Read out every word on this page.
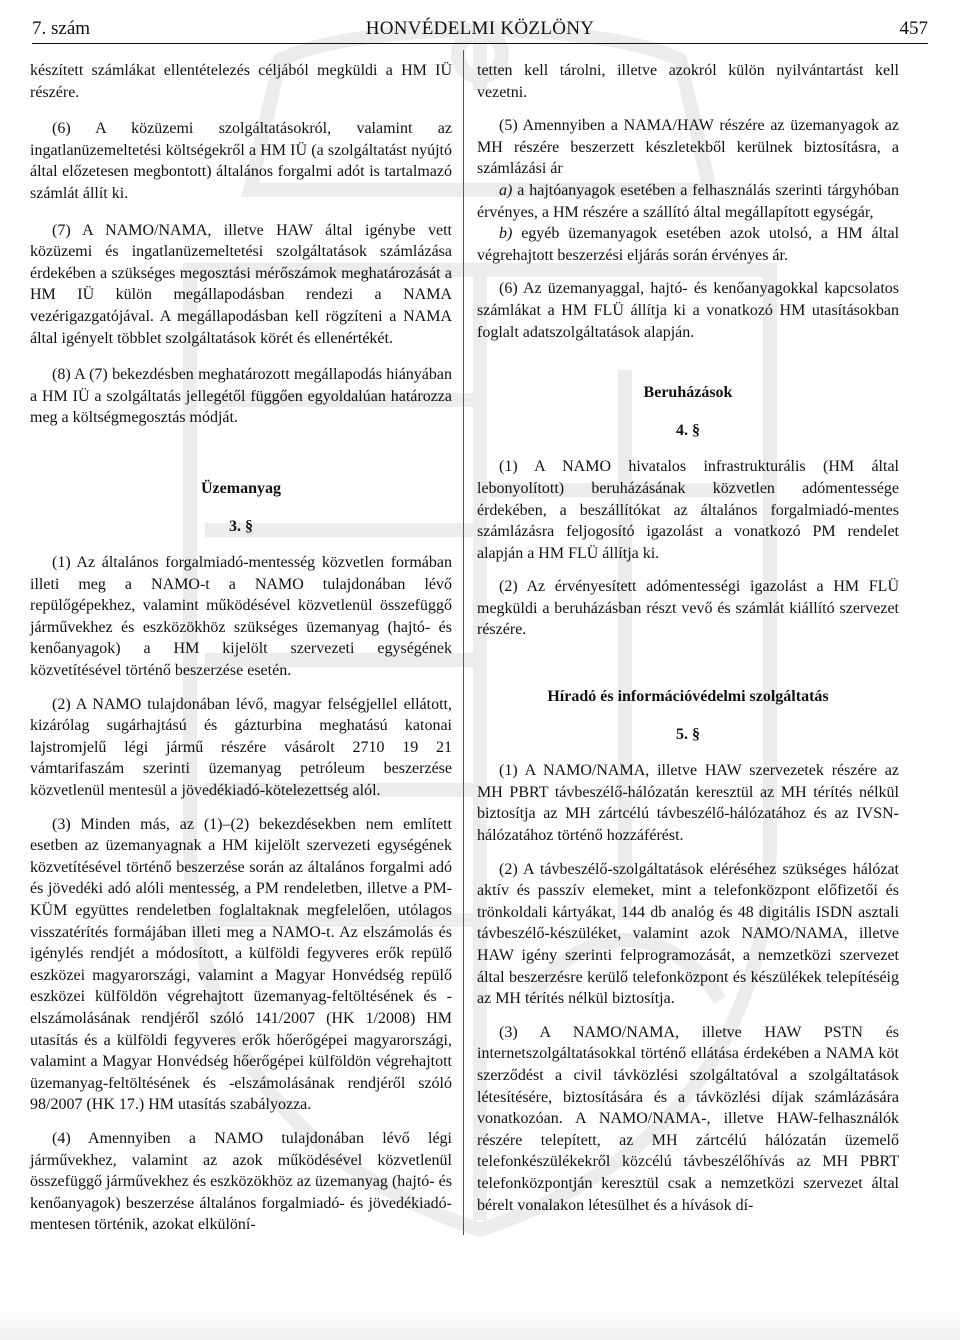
7. szám	HONVÉDELMI KÖZLÖNY	457

készített számlákat ellentételezés céljából megküldi a HM IÜ részére.

(6) A közüzemi szolgáltatásokról, valamint az ingatlanüzemeltetési költségekről a HM IÜ (a szolgáltatást nyújtó által előzetesen megbontott) általános forgalmi adót is tartalmazó számlát állít ki.

(7) A NAMO/NAMA, illetve HAW által igénybe vett közüzemi és ingatlanüzemeltetési szolgáltatások számlázása érdekében a szükséges megosztási mérőszámok meghatározását a HM IÜ külön megállapodásban rendezi a NAMA vezérigazgatójával. A megállapodásban kell rögzíteni a NAMA által igényelt többlet szolgáltatások körét és ellenértékét.

(8) A (7) bekezdésben meghatározott megállapodás hiányában a HM IÜ a szolgáltatás jellegétől függően egyoldalúan határozza meg a költségmegosztás módját.

Üzemanyag

3. §

(1) Az általános forgalmiadó-mentesség közvetlen formában illeti meg a NAMO-t a NAMO tulajdonában lévő repülőgépekhez, valamint működésével közvetlenül összefüggő járművekhez és eszközökhöz szükséges üzemanyag (hajtó- és kenőanyagok) a HM kijelölt szervezeti egységének közvetítésével történő beszerzése esetén.

(2) A NAMO tulajdonában lévő, magyar felségjellel ellátott, kizárólag sugárhajtású és gázturbina meghatású katonai lajstromjelű légi jármű részére vásárolt 2710 19 21 vámtarifaszám szerinti üzemanyag petróleum beszerzése közvetlenül mentesül a jövedékiadó-kötelezettség alól.

(3) Minden más, az (1)–(2) bekezdésekben nem említett esetben az üzemanyagnak a HM kijelölt szervezeti egységének közvetítésével történő beszerzése során az általános forgalmi adó és jövedéki adó alóli mentesség, a PM rendeletben, illetve a PM-KÜM együttes rendeletben foglaltaknak megfelelően, utólagos visszatérítés formájában illeti meg a NAMO-t. Az elszámolás és igénylés rendjét a módosított, a külföldi fegyveres erők repülő eszközei magyarországi, valamint a Magyar Honvédség repülő eszközei külföldön végrehajtott üzemanyag-feltöltésének és -elszámolásának rendjéről szóló 141/2007 (HK 1/2008) HM utasítás és a külföldi fegyveres erők hőerőgépei magyarországi, valamint a Magyar Honvédség hőerőgépei külföldön végrehajtott üzemanyag-feltöltésének és -elszámolásának rendjéről szóló 98/2007 (HK 17.) HM utasítás szabályozza.

(4) Amennyiben a NAMO tulajdonában lévő légi járművekhez, valamint az azok működésével közvetlenül összefüggő járművekhez és eszközökhöz az üzemanyag (hajtó- és kenőanyagok) beszerzése általános forgalmiadó- és jövedékiadó-mentesen történik, azokat elkülöní-

tetten kell tárolni, illetve azokról külön nyilvántartást kell vezetni.

(5) Amennyiben a NAMA/HAW részére az üzemanyagok az MH részére beszerzett készletekből kerülnek biztosításra, a számlázási ár

a) a hajtóanyagok esetében a felhasználás szerinti tárgyhóban érvényes, a HM részére a szállító által megállapított egységár,

b) egyéb üzemanyagok esetében azok utolsó, a HM által végrehajtott beszerzési eljárás során érvényes ár.

(6) Az üzemanyaggal, hajtó- és kenőanyagokkal kapcsolatos számlákat a HM FLÜ állítja ki a vonatkozó HM utasításokban foglalt adatszolgáltatások alapján.

Beruházások

4. §

(1) A NAMO hivatalos infrastrukturális (HM által lebonyolított) beruházásának közvetlen adómentessége érdekében, a beszállítókat az általános forgalmiadó-mentes számlázásra feljogosító igazolást a vonatkozó PM rendelet alapján a HM FLÜ állítja ki.

(2) Az érvényesített adómentességi igazolást a HM FLÜ megküldi a beruházásban részt vevő és számlát kiállító szervezet részére.

Híradó és információvédelmi szolgáltatás

5. §

(1) A NAMO/NAMA, illetve HAW szervezetek részére az MH PBRT távbeszélő-hálózatán keresztül az MH térítés nélkül biztosítja az MH zártcélú távbeszélő-hálózatához és az IVSN-hálózatához történő hozzáférést.

(2) A távbeszélő-szolgáltatások eléréséhez szükséges hálózat aktív és passzív elemeket, mint a telefonközpont előfizetői és trönkoldali kártyákat, 144 db analóg és 48 digitális ISDN asztali távbeszélő-készüléket, valamint azok NAMO/NAMA, illetve HAW igény szerinti felprogramozását, a nemzetközi szervezet által beszerzésre kerülő telefonközpont és készülékek telepítéséig az MH térítés nélkül biztosítja.

(3) A NAMO/NAMA, illetve HAW PSTN és internetszolgáltatásokkal történő ellátása érdekében a NAMA köt szerződést a civil távközlési szolgáltatóval a szolgáltatások létesítésére, biztosítására és a távközlési díjak számlázására vonatkozóan. A NAMO/NAMA-, illetve HAW-felhasználók részére telepített, az MH zártcélú hálózatán üzemelő telefonkészülékekről közcélú távbeszélőhívás az MH PBRT telefonközpontján keresztül csak a nemzetközi szervezet által bérelt vonalakon létesülhet és a hívások dí-
